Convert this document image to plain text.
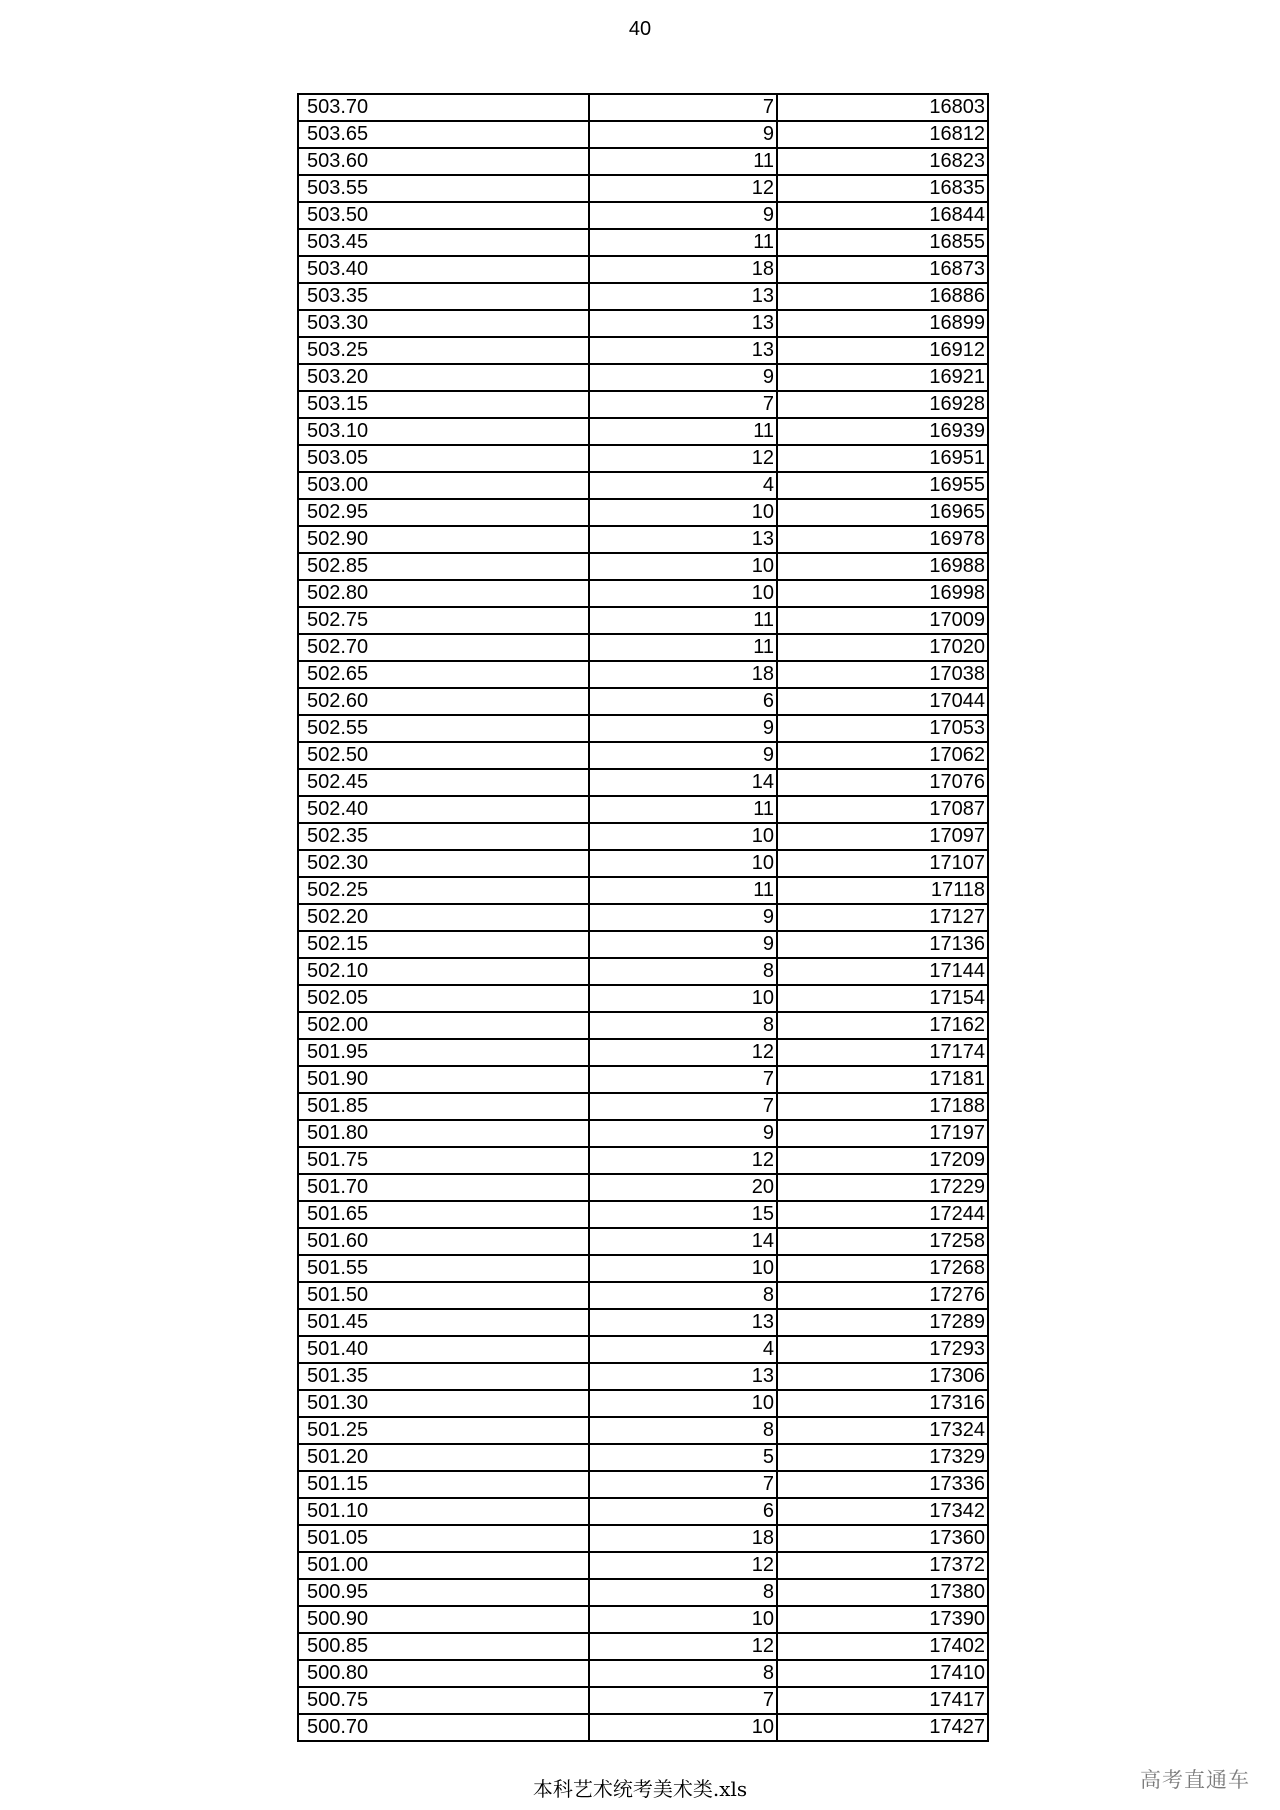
40
503.70	7	16803
503.65	9	16812
503.60	11	16823
503.55	12	16835
503.50	9	16844
503.45	11	16855
503.40	18	16873
503.35	13	16886
503.30	13	16899
503.25	13	16912
503.20	9	16921
503.15	7	16928
503.10	11	16939
503.05	12	16951
503.00	4	16955
502.95	10	16965
502.90	13	16978
502.85	10	16988
502.80	10	16998
502.75	11	17009
502.70	11	17020
502.65	18	17038
502.60	6	17044
502.55	9	17053
502.50	9	17062
502.45	14	17076
502.40	11	17087
502.35	10	17097
502.30	10	17107
502.25	11	17118
502.20	9	17127
502.15	9	17136
502.10	8	17144
502.05	10	17154
502.00	8	17162
501.95	12	17174
501.90	7	17181
501.85	7	17188
501.80	9	17197
501.75	12	17209
501.70	20	17229
501.65	15	17244
501.60	14	17258
501.55	10	17268
501.50	8	17276
501.45	13	17289
501.40	4	17293
501.35	13	17306
501.30	10	17316
501.25	8	17324
501.20	5	17329
501.15	7	17336
501.10	6	17342
501.05	18	17360
501.00	12	17372
500.95	8	17380
500.90	10	17390
500.85	12	17402
500.80	8	17410
500.75	7	17417
500.70	10	17427
本科艺术统考美术类.xls	高考直通车
